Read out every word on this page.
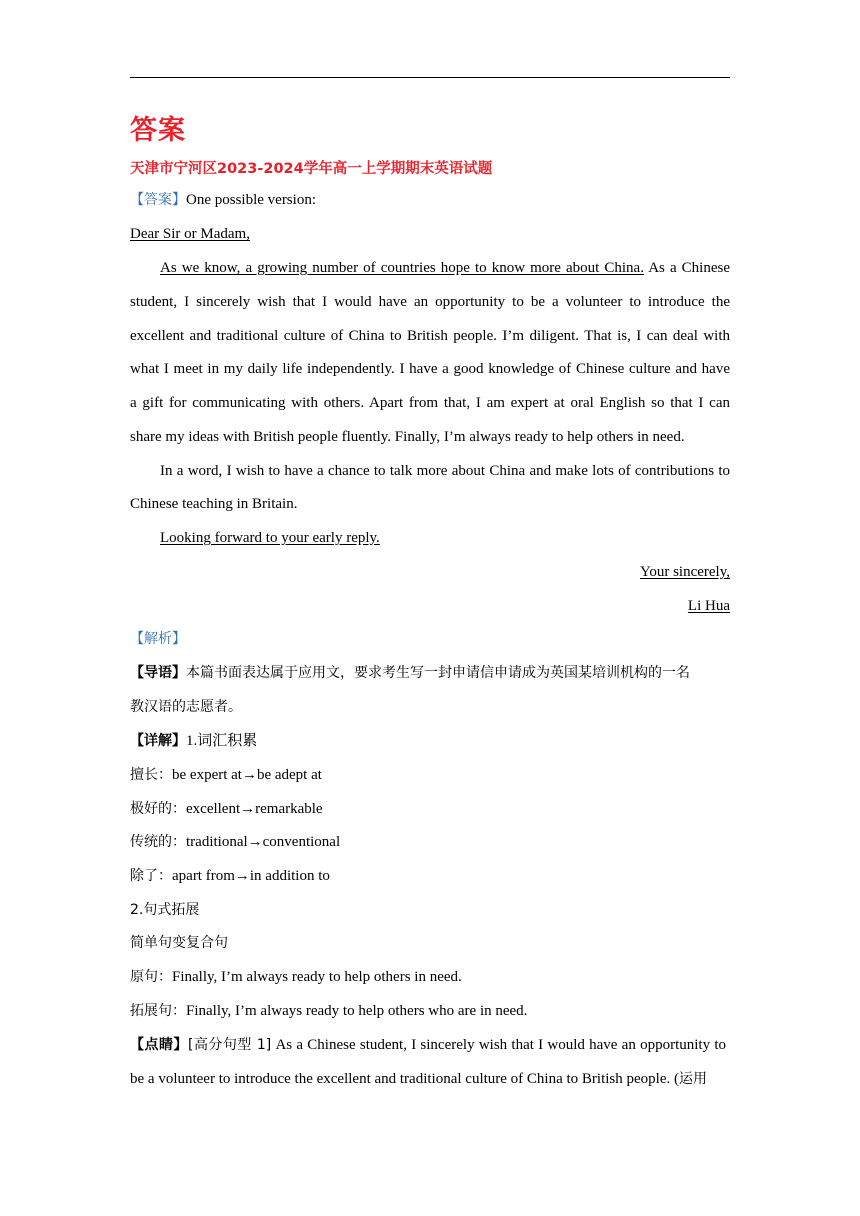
答案
天津市宁河区2023-2024学年高一上学期期末英语试题
【答案】One possible version:
Dear Sir or Madam,
As we know, a growing number of countries hope to know more about China. As a Chinese
student, I sincerely wish that I would have an opportunity to be a volunteer to introduce the
excellent and traditional culture of China to British people. I’m diligent. That is, I can deal with
what I meet in my daily life independently. I have a good knowledge of Chinese culture and have
a gift for communicating with others. Apart from that, I am expert at oral English so that I can
share my ideas with British people fluently. Finally, I’m always ready to help others in need.
In a word, I wish to have a chance to talk more about China and make lots of contributions to
Chinese teaching in Britain.
Looking forward to your early reply.
Your sincerely,
Li Hua
【解析】
【导语】本篇书面表达属于应用文，要求考生写一封申请信申请成为英国某培训机构的一名
教汉语的志愿者。
【详解】1.词汇积累
擅长：be expert at→be adept at
极好的：excellent→remarkable
传统的：traditional→conventional
除了：apart from→in addition to
2.句式拓展
简单句变复合句
原句：Finally, I’m always ready to help others in need.
拓展句：Finally, I’m always ready to help others who are in need.
【点睛】[高分句型 1] As a Chinese student, I sincerely wish that I would have an opportunity to
be a volunteer to introduce the excellent and traditional culture of China to British people. (运用
